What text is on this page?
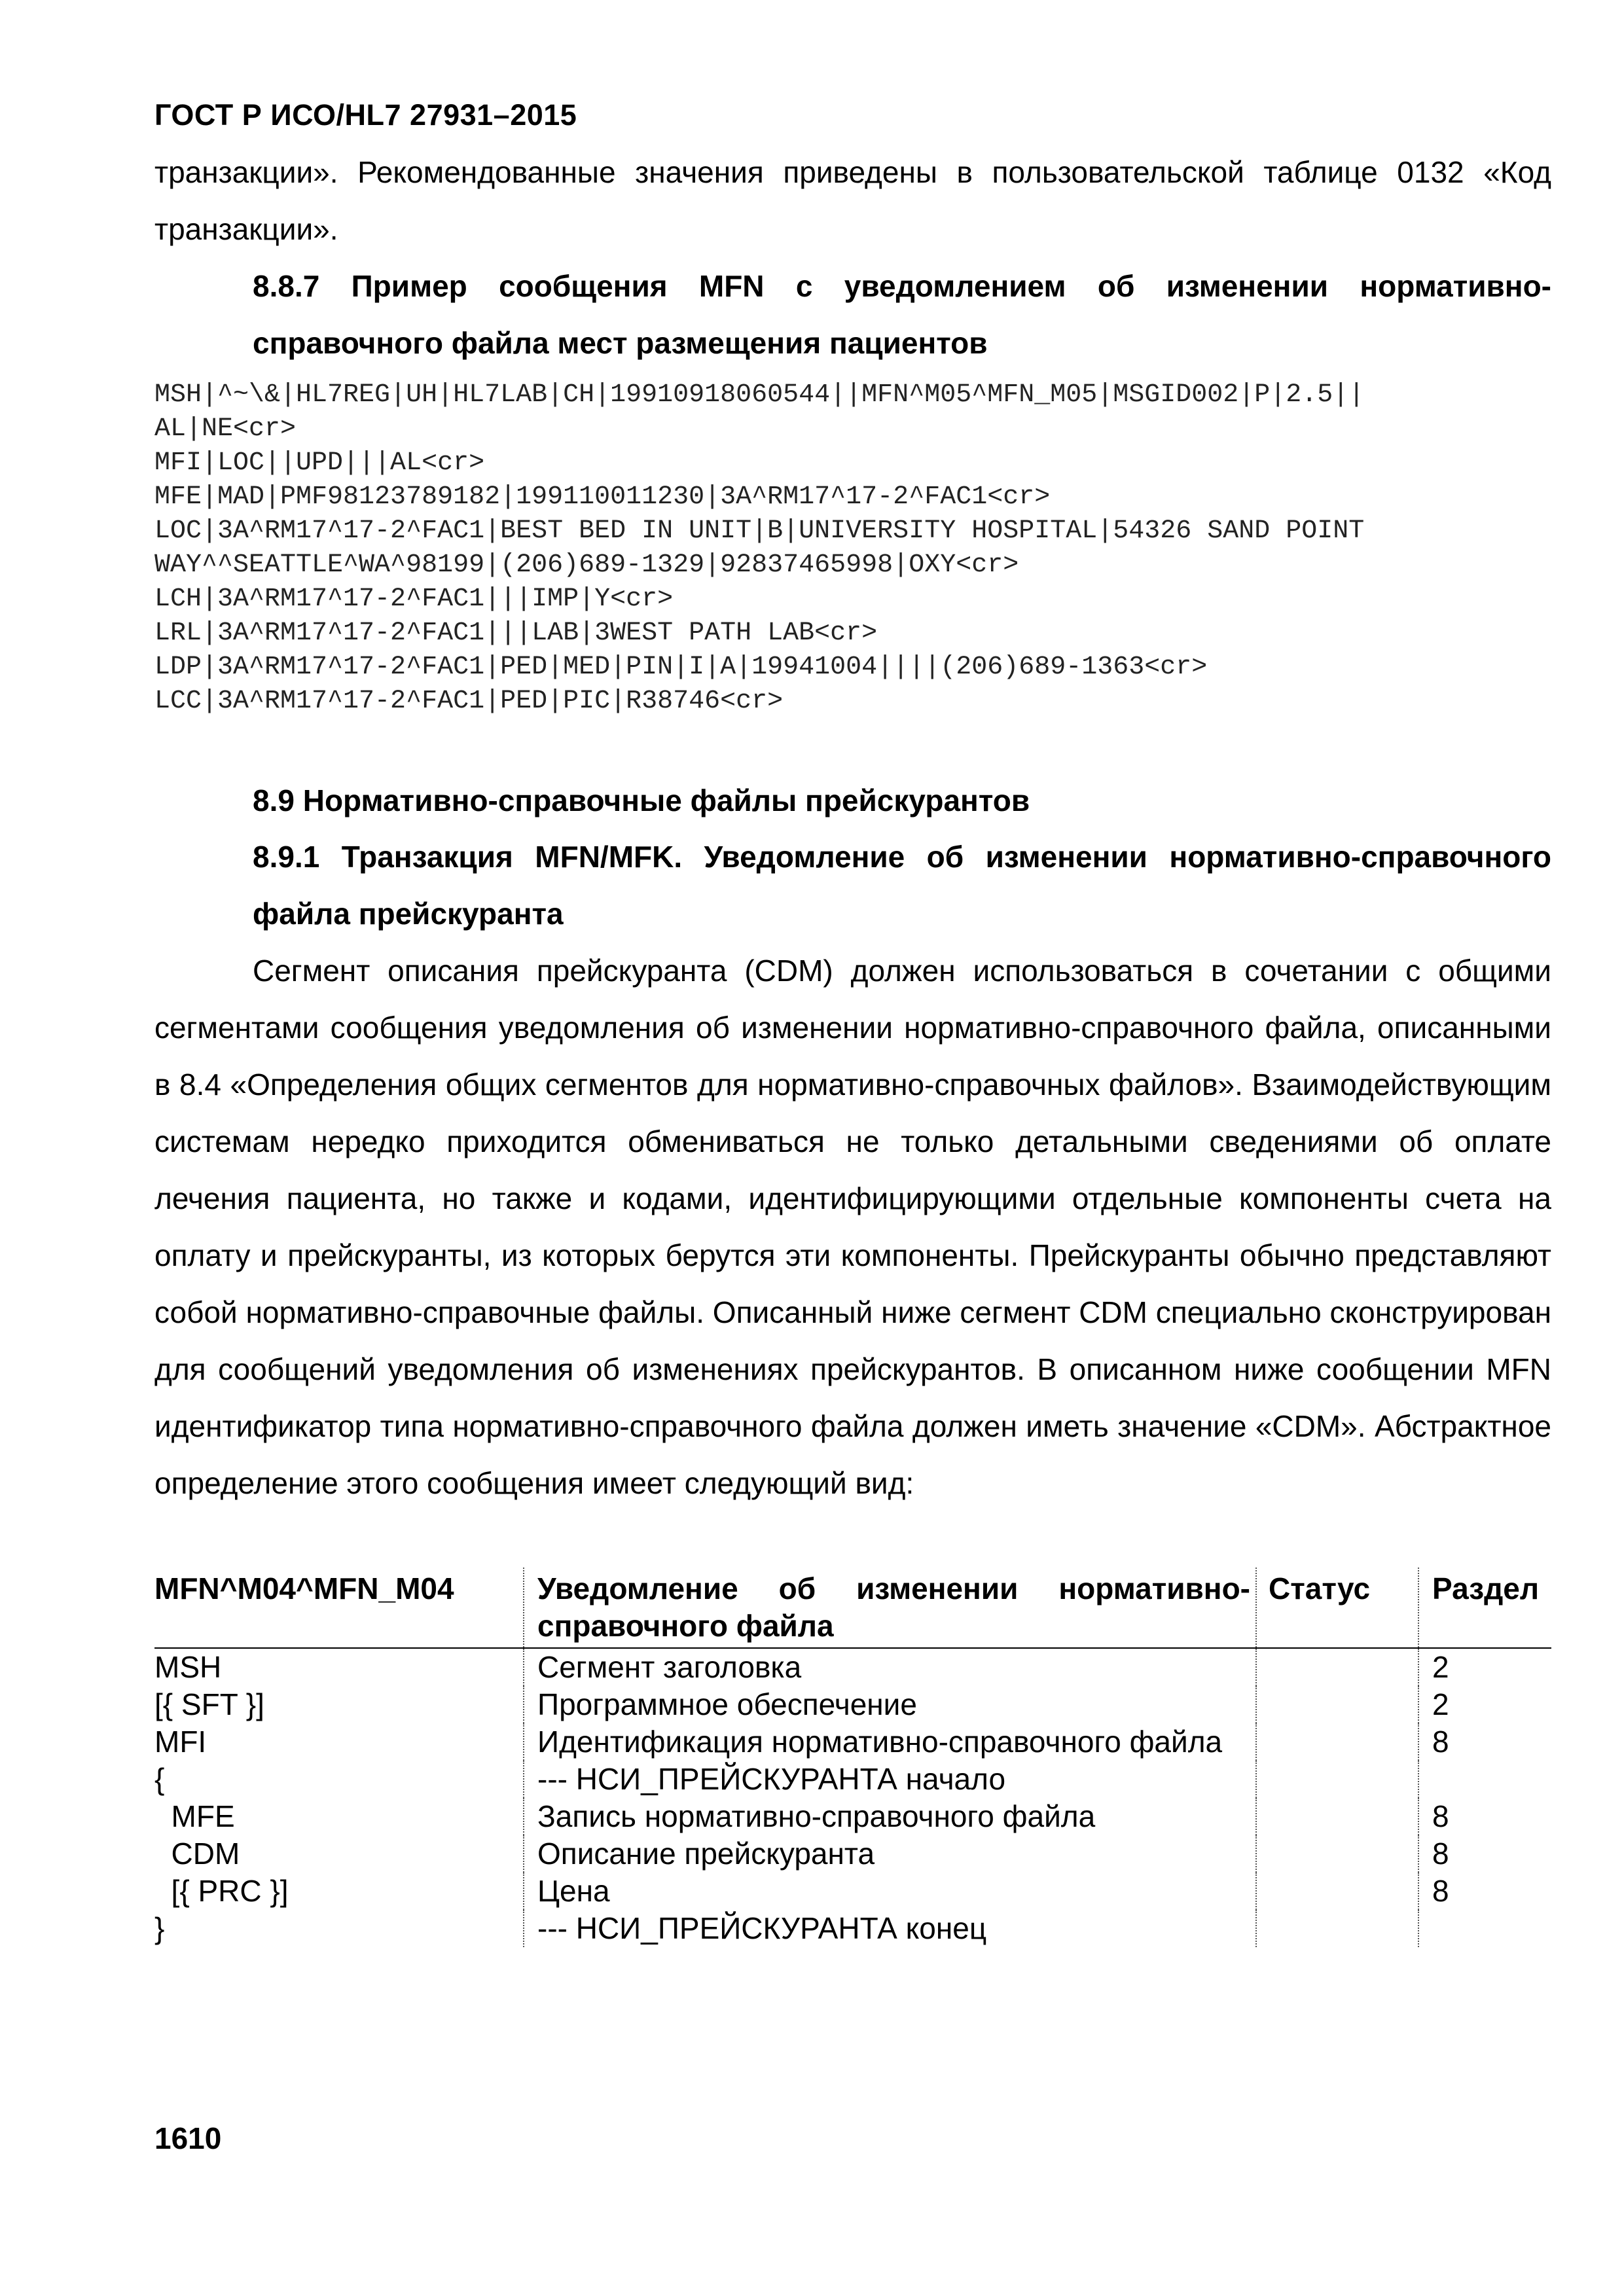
ГОСТ Р ИСО/HL7 27931–2015
транзакции». Рекомендованные значения приведены в пользовательской таблице 0132 «Код транзакции».
8.8.7 Пример сообщения MFN с уведомлением об изменении нормативно-справочного файла мест размещения пациентов
MSH|^~\&|HL7REG|UH|HL7LAB|CH|19910918060544||MFN^M05^MFN_M05|MSGID002|P|2.5||
AL|NE<cr>
MFI|LOC||UPD|||AL<cr>
MFE|MAD|PMF98123789182|199110011230|3A^RM17^17-2^FAC1<cr>
LOC|3A^RM17^17-2^FAC1|BEST BED IN UNIT|B|UNIVERSITY HOSPITAL|54326 SAND POINT
WAY^^SEATTLE^WA^98199|(206)689-1329|92837465998|OXY<cr>
LCH|3A^RM17^17-2^FAC1|||IMP|Y<cr>
LRL|3A^RM17^17-2^FAC1|||LAB|3WEST PATH LAB<cr>
LDP|3A^RM17^17-2^FAC1|PED|MED|PIN|I|A|19941004||||(206)689-1363<cr>
LCC|3A^RM17^17-2^FAC1|PED|PIC|R38746<cr>
8.9 Нормативно-справочные файлы прейскурантов
8.9.1 Транзакция MFN/MFK. Уведомление об изменении нормативно-справочного файла прейскуранта
Сегмент описания прейскуранта (CDM) должен использоваться в сочетании с общими сегментами сообщения уведомления об изменении нормативно-справочного файла, описанными в 8.4 «Определения общих сегментов для нормативно-справочных файлов». Взаимодействующим системам нередко приходится обмениваться не только детальными сведениями об оплате лечения пациента, но также и кодами, идентифицирующими отдельные компоненты счета на оплату и прейскуранты, из которых берутся эти компоненты. Прейскуранты обычно представляют собой нормативно-справочные файлы. Описанный ниже сегмент CDM специально сконструирован для сообщений уведомления об изменениях прейскурантов. В описанном ниже сообщении MFN идентификатор типа нормативно-справочного файла должен иметь значение «CDM». Абстрактное определение этого сообщения имеет следующий вид:
MFN^M04^MFN_M04	Уведомление об изменении нормативно-справочного файла	Статус	Раздел
MSH	Сегмент заголовка		2
[{ SFT }]	Программное обеспечение		2
MFI	Идентификация нормативно-справочного файла		8
{	--- НСИ_ПРЕЙСКУРАНТА начало		
MFE	Запись нормативно-справочного файла		8
CDM	Описание прейскуранта		8
[{ PRC }]	Цена		8
}	--- НСИ_ПРЕЙСКУРАНТА конец		
1610
